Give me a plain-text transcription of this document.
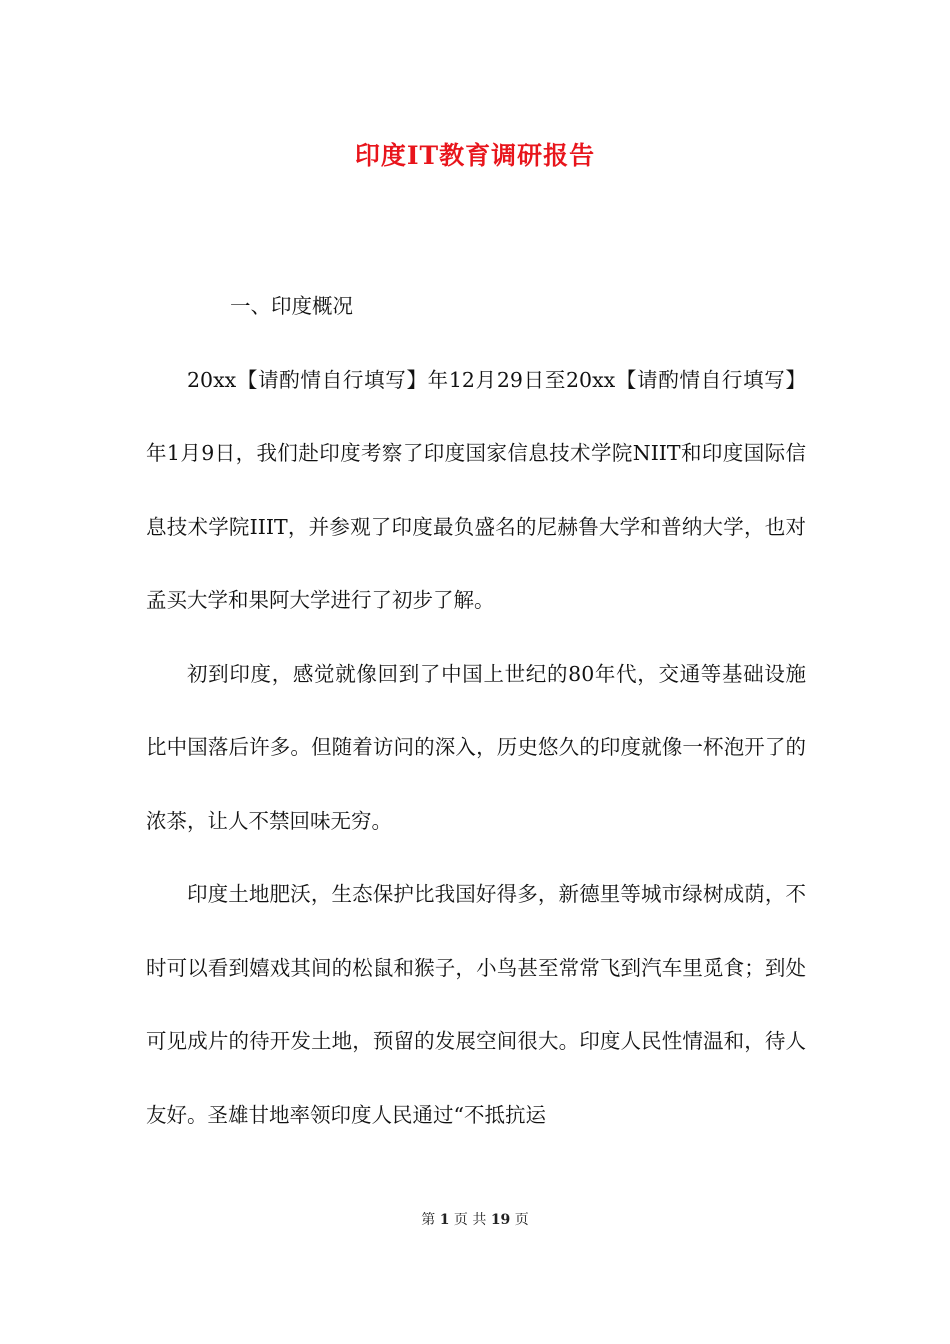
印度IT教育调研报告
一、印度概况

20xx【请酌情自行填写】年12月29日至20xx【请酌情自行填写】年1月9日，我们赴印度考察了印度国家信息技术学院NIIT和印度国际信息技术学院IIIT，并参观了印度最负盛名的尼赫鲁大学和普纳大学，也对孟买大学和果阿大学进行了初步了解。

初到印度，感觉就像回到了中国上世纪的80年代，交通等基础设施比中国落后许多。但随着访问的深入，历史悠久的印度就像一杯泡开了的浓茶，让人不禁回味无穷。

印度土地肥沃，生态保护比我国好得多，新德里等城市绿树成荫，不时可以看到嬉戏其间的松鼠和猴子，小鸟甚至常常飞到汽车里觅食；到处可见成片的待开发土地，预留的发展空间很大。印度人民性情温和，待人友好。圣雄甘地率领印度人民通过“不抵抗运

第 1 页 共 19 页
